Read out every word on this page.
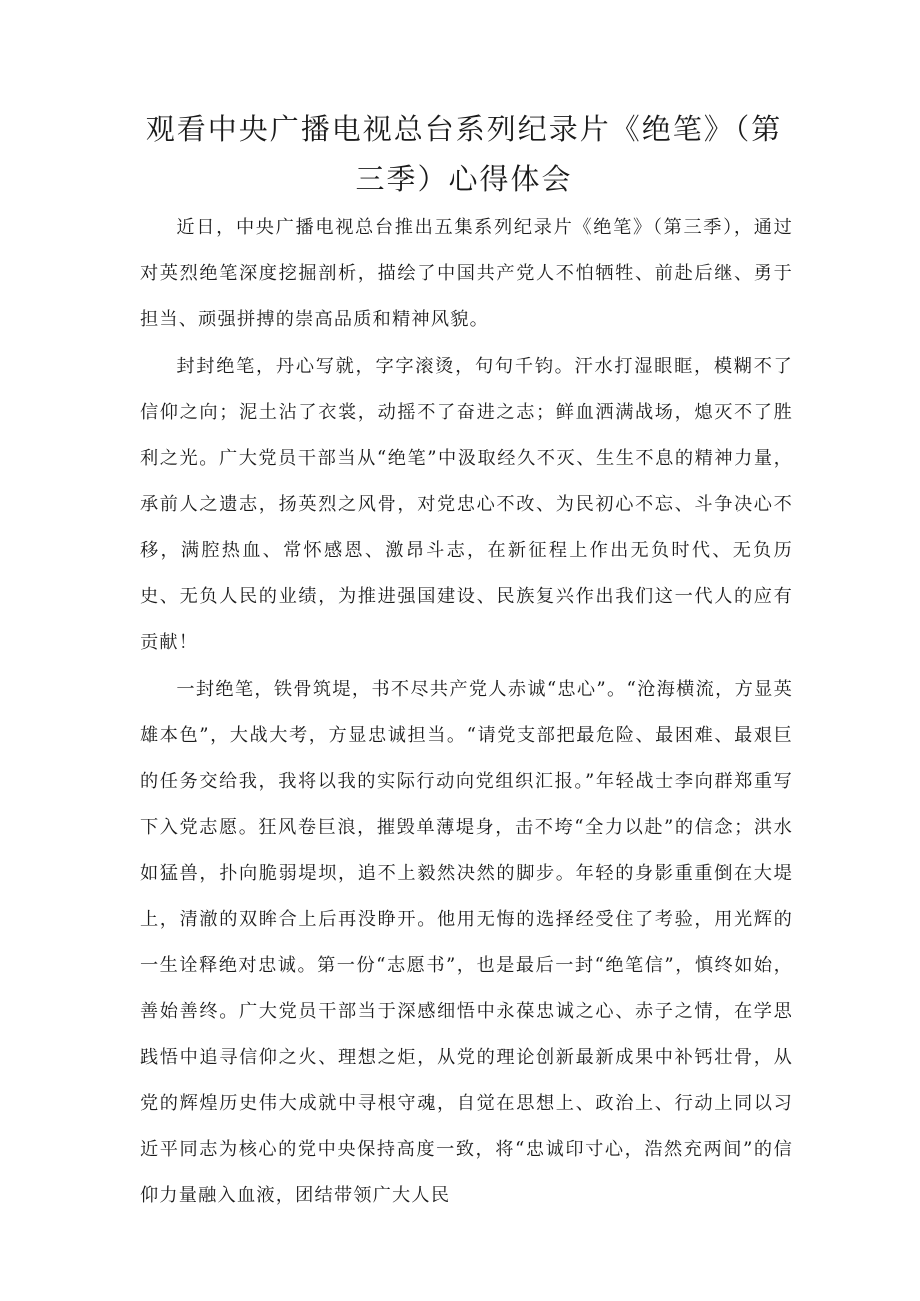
观看中央广播电视总台系列纪录片《绝笔》（第三季）心得体会

近日，中央广播电视总台推出五集系列纪录片《绝笔》（第三季），通过对英烈绝笔深度挖掘剖析，描绘了中国共产党人不怕牺牲、前赴后继、勇于担当、顽强拼搏的崇高品质和精神风貌。

封封绝笔，丹心写就，字字滚烫，句句千钧。汗水打湿眼眶，模糊不了信仰之向；泥土沾了衣裳，动摇不了奋进之志；鲜血洒满战场，熄灭不了胜利之光。广大党员干部当从“绝笔”中汲取经久不灭、生生不息的精神力量，承前人之遗志，扬英烈之风骨，对党忠心不改、为民初心不忘、斗争决心不移，满腔热血、常怀感恩、激昂斗志，在新征程上作出无负时代、无负历史、无负人民的业绩，为推进强国建设、民族复兴作出我们这一代人的应有贡献！

一封绝笔，铁骨筑堤，书不尽共产党人赤诚“忠心”。“沧海横流，方显英雄本色”，大战大考，方显忠诚担当。“请党支部把最危险、最困难、最艰巨的任务交给我，我将以我的实际行动向党组织汇报。”年轻战士李向群郑重写下入党志愿。狂风卷巨浪，摧毁单薄堤身，击不垮“全力以赴”的信念；洪水如猛兽，扑向脆弱堤坝，追不上毅然决然的脚步。年轻的身影重重倒在大堤上，清澈的双眸合上后再没睁开。他用无悔的选择经受住了考验，用光辉的一生诠释绝对忠诚。第一份“志愿书”，也是最后一封“绝笔信”，慎终如始，善始善终。广大党员干部当于深感细悟中永葆忠诚之心、赤子之情，在学思践悟中追寻信仰之火、理想之炬，从党的理论创新最新成果中补钙壮骨，从党的辉煌历史伟大成就中寻根守魂，自觉在思想上、政治上、行动上同以习近平同志为核心的党中央保持高度一致，将“忠诚印寸心，浩然充两间”的信仰力量融入血液，团结带领广大人民
